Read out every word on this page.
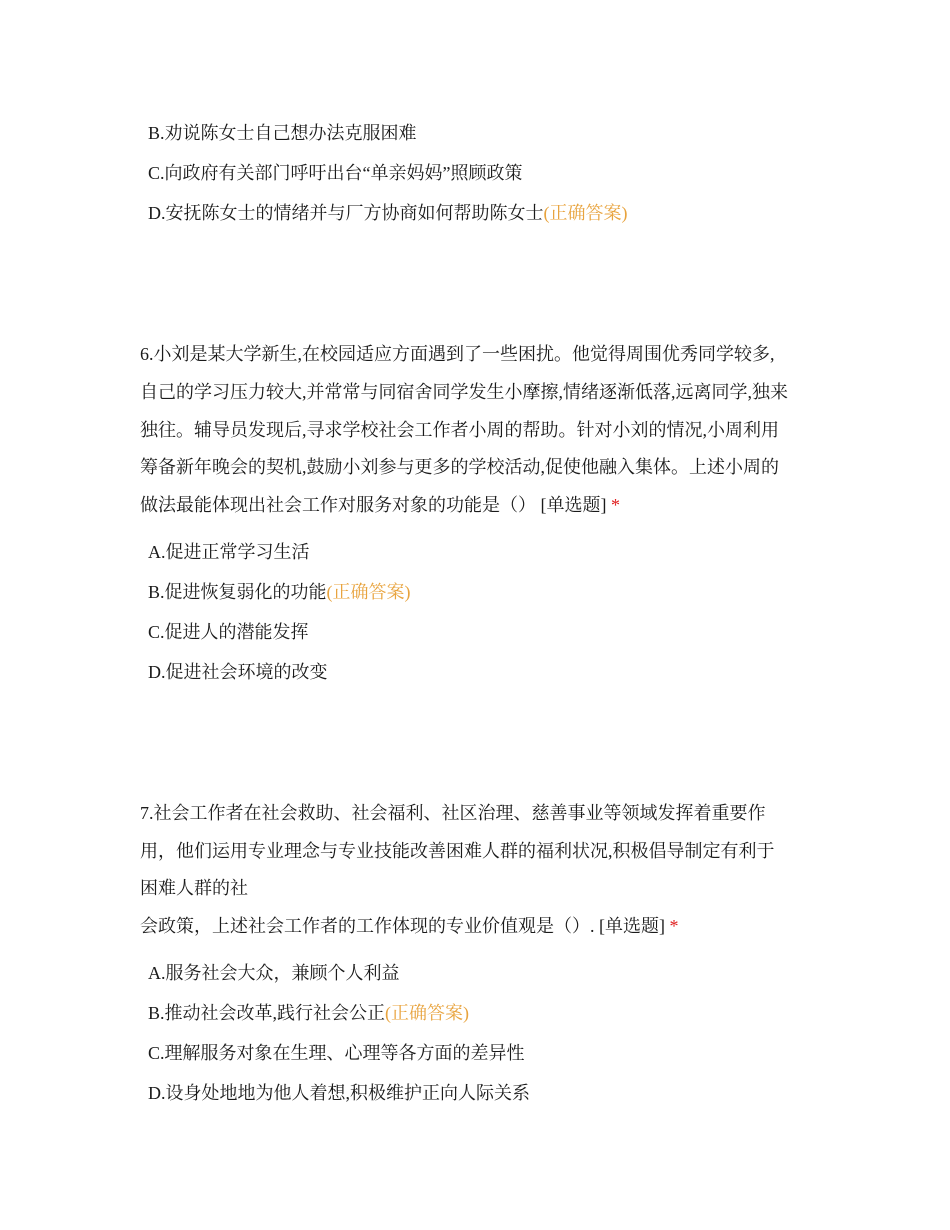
B.劝说陈女士自己想办法克服困难
C.向政府有关部门呼吁出台“单亲妈妈”照顾政策
D.安抚陈女士的情绪并与厂方协商如何帮助陈女士(正确答案)
6.小刘是某大学新生,在校园适应方面遇到了一些困扰。他觉得周围优秀同学较多,
自己的学习压力较大,并常常与同宿舍同学发生小摩擦,情绪逐渐低落,远离同学,独来
独往。辅导员发现后,寻求学校社会工作者小周的帮助。针对小刘的情况,小周利用
筹备新年晚会的契机,鼓励小刘参与更多的学校活动,促使他融入集体。上述小周的
做法最能体现出社会工作对服务对象的功能是（） [单选题] *
A.促进正常学习生活
B.促进恢复弱化的功能(正确答案)
C.促进人的潜能发挥
D.促进社会环境的改变
7.社会工作者在社会救助、社会福利、社区治理、慈善事业等领域发挥着重要作
用，他们运用专业理念与专业技能改善困难人群的福利状况,积极倡导制定有利于
困难人群的社
会政策，上述社会工作者的工作体现的专业价值观是（）. [单选题] *
A.服务社会大众，兼顾个人利益
B.推动社会改革,践行社会公正(正确答案)
C.理解服务对象在生理、心理等各方面的差异性
D.设身处地地为他人着想,积极维护正向人际关系
